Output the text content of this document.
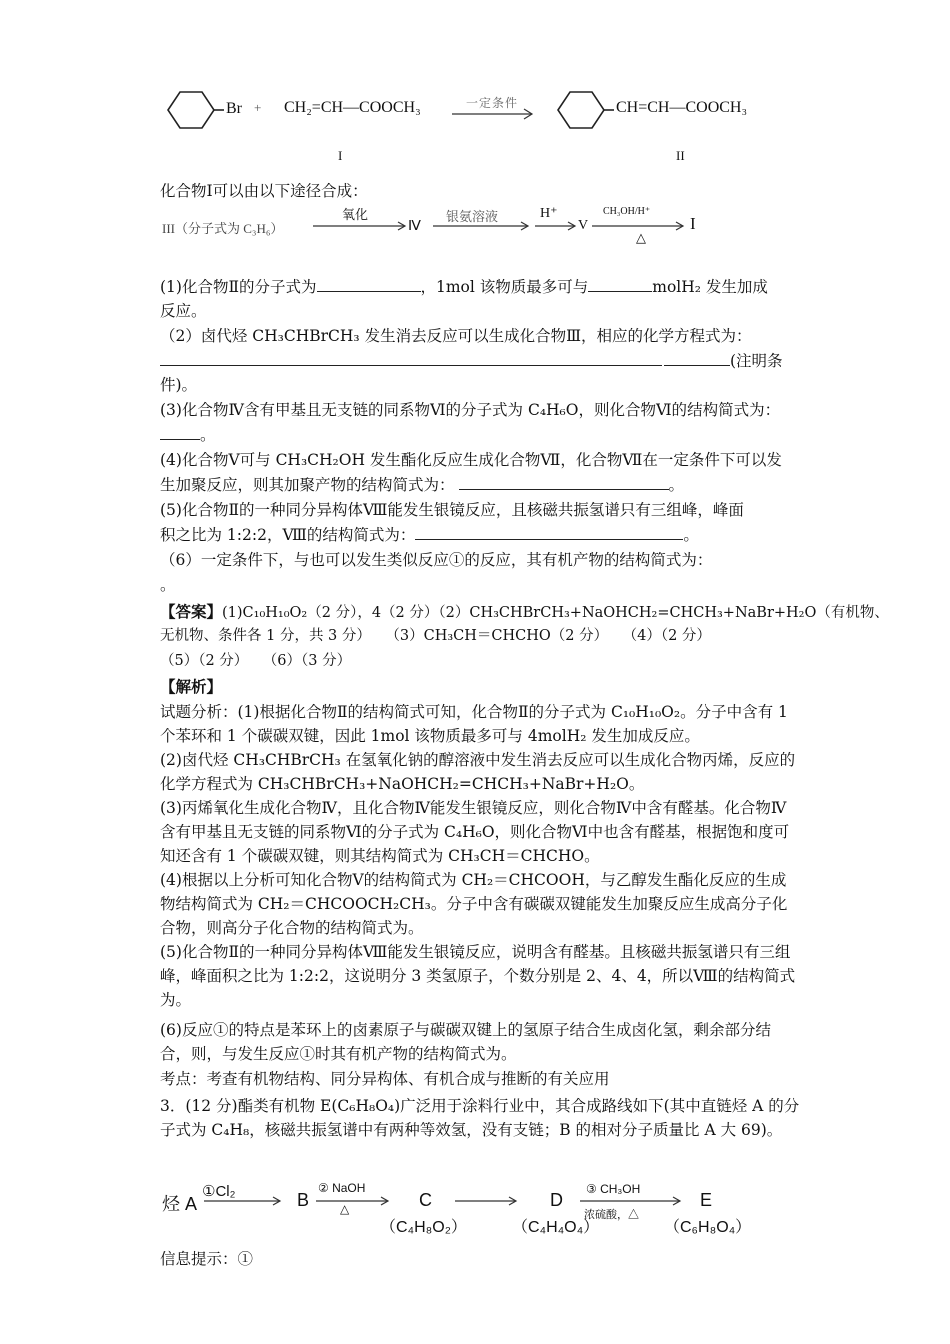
Br + CH₂=CH—COOCH₃	一定条件	CH=CH—COOCH₃
I	II
化合物Ⅰ可以由以下途径合成：
III（分子式为 C₃H₆）
氧化
Ⅳ
银氨溶液	H⁺
V
CH₃OH/H⁺
△
I
(1)化合物Ⅱ的分子式为	，1mol 该物质最多可与	molH₂ 发生加成
反应。
（2）卤代烃 CH₃CHBrCH₃ 发生消去反应可以生成化合物Ⅲ，相应的化学方程式为：
(注明条
件)。
(3)化合物Ⅳ含有甲基且无支链的同系物Ⅵ的分子式为 C₄H₆O，则化合物Ⅵ的结构简式为：
。
(4)化合物Ⅴ可与 CH₃CH₂OH 发生酯化反应生成化合物Ⅶ，化合物Ⅶ在一定条件下可以发
生加聚反应，则其加聚产物的结构简式为：	。
(5)化合物Ⅱ的一种同分异构体Ⅷ能发生银镜反应，且核磁共振氢谱只有三组峰，峰面
积之比为 1:2:2，Ⅷ的结构简式为：	。
（6）一定条件下，与也可以发生类似反应①的反应，其有机产物的结构简式为：
。
【答案】(1)C₁₀H₁₀O₂（2 分），4（2 分）（2）CH₃CHBrCH₃+NaOHCH₂=CHCH₃+NaBr+H₂O（有机物、
无机物、条件各 1 分，共 3 分）　　（3）CH₃CH＝CHCHO（2 分）　　（4）（2 分）
（5）（2 分）　　（6）（3 分）
【解析】
试题分析：(1)根据化合物Ⅱ的结构简式可知，化合物Ⅱ的分子式为 C₁₀H₁₀O₂。分子中含有 1 个苯环和 1 个碳碳双键，因此 1mol 该物质最多可与 4molH₂ 发生加成反应。
(2)卤代烃 CH₃CHBrCH₃ 在氢氧化钠的醇溶液中发生消去反应可以生成化合物丙烯，反应的化学方程式为 CH₃CHBrCH₃+NaOHCH₂=CHCH₃+NaBr+H₂O。
(3)丙烯氧化生成化合物Ⅳ，且化合物Ⅳ能发生银镜反应，则化合物Ⅳ中含有醛基。化合物Ⅳ含有甲基且无支链的同系物Ⅵ的分子式为 C₄H₆O，则化合物Ⅵ中也含有醛基，根据饱和度可知还含有 1 个碳碳双键，则其结构简式为 CH₃CH＝CHCHO。
(4)根据以上分析可知化合物Ⅴ的结构简式为 CH₂＝CHCOOH，与乙醇发生酯化反应的生成物结构简式为 CH₂＝CHCOOCH₂CH₃。分子中含有碳碳双键能发生加聚反应生成高分子化合物，则高分子化合物的结构简式为。
(5)化合物Ⅱ的一种同分异构体Ⅷ能发生银镜反应，说明含有醛基。且核磁共振氢谱只有三组峰，峰面积之比为 1:2:2，这说明分 3 类氢原子，个数分别是 2、4、4，所以Ⅷ的结构简式为。
(6)反应①的特点是苯环上的卤素原子与碳碳双键上的氢原子结合生成卤化氢，剩余部分结合，则，与发生反应①时其有机产物的结构简式为。
考点：考查有机物结构、同分异构体、有机合成与推断的有关应用
3．(12 分)酯类有机物 E(C₆H₈O₄)广泛用于涂料行业中，其合成路线如下(其中直链烃 A 的分子式为 C₄H₈，核磁共振氢谱中有两种等效氢，没有支链；B 的相对分子质量比 A 大 69)。
烃 A
①Cl₂	B
② NaOH
△	C
（C₄H₈O₂）
D
（C₄H₄O₄）
③ CH₃OH
浓硫酸，△
E
（C₆H₈O₄）
信息提示：①
